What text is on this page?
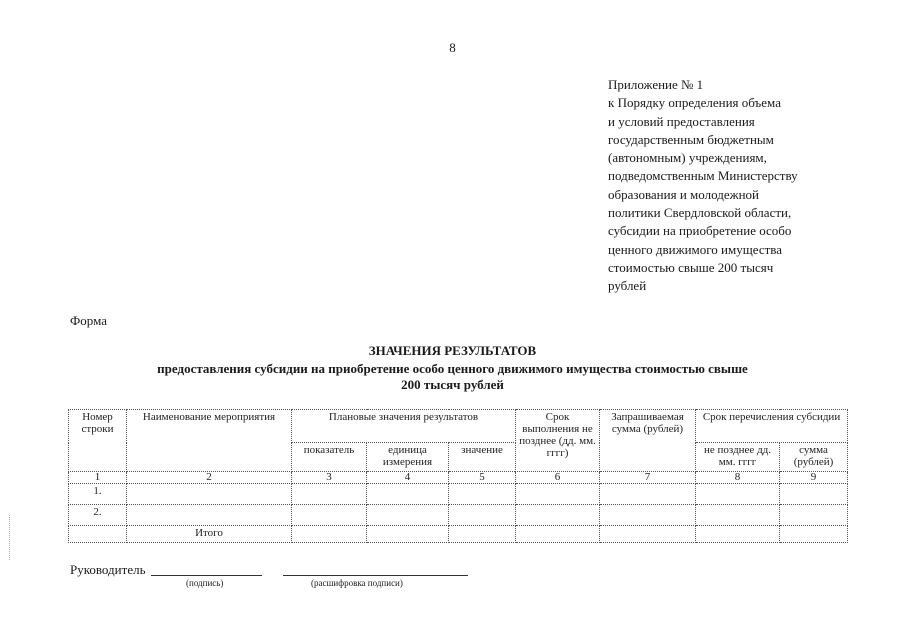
8
Приложение № 1
к Порядку определения объема
и условий предоставления
государственным бюджетным
(автономным) учреждениям,
подведомственным Министерству
образования и молодежной
политики Свердловской области,
субсидии на приобретение особо
ценного движимого имущества
стоимостью свыше 200 тысяч
рублей
Форма
ЗНАЧЕНИЯ РЕЗУЛЬТАТОВ
предоставления субсидии на приобретение особо ценного движимого имущества стоимостью свыше
200 тысяч рублей
Номер строки	Наименование мероприятия	Плановые значения результатов			Срок выполнения не позднее (дд. мм. гггг)	Запрашиваемая сумма (рублей)	Срок перечисления субсидии	
		показатель	единица измерения	значение			не позднее дд. мм. гггг	сумма (рублей)
1	2	3	4	5	6	7	8	9
1.								
2.								
	Итого							
Руководитель
(подпись)	(расшифровка подписи)
